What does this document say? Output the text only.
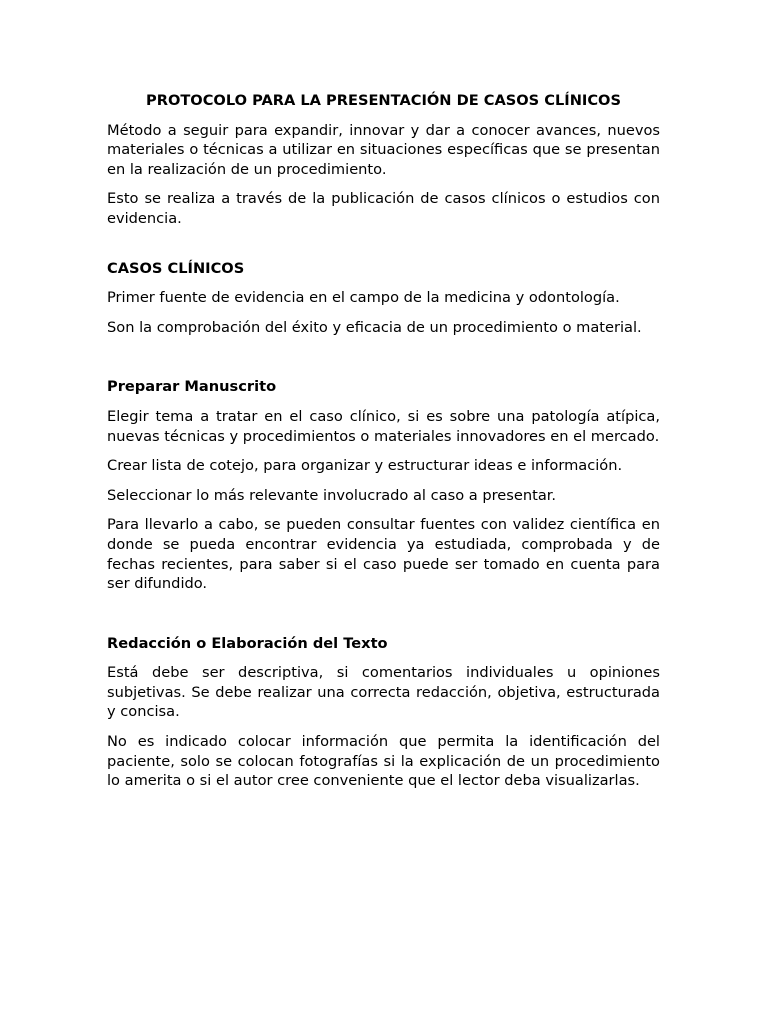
PROTOCOLO PARA LA PRESENTACIÓN DE CASOS CLÍNICOS

Método a seguir para expandir, innovar y dar a conocer avances, nuevos materiales o técnicas a utilizar en situaciones específicas que se presentan en la realización de un procedimiento.

Esto se realiza a través de la publicación de casos clínicos o estudios con evidencia.

CASOS CLÍNICOS

Primer fuente de evidencia en el campo de la medicina y odontología.

Son la comprobación del éxito y eficacia de un procedimiento o material.

Preparar Manuscrito

Elegir tema a tratar en el caso clínico, si es sobre una patología atípica, nuevas técnicas y procedimientos o materiales innovadores en el mercado.

Crear lista de cotejo, para organizar y estructurar ideas e información.

Seleccionar lo más relevante involucrado al caso a presentar.

Para llevarlo a cabo, se pueden consultar fuentes con validez científica en donde se pueda encontrar evidencia ya estudiada, comprobada y de fechas recientes, para saber si el caso puede ser tomado en cuenta para ser difundido.

Redacción o Elaboración del Texto

Está debe ser descriptiva, si comentarios individuales u opiniones subjetivas. Se debe realizar una correcta redacción, objetiva, estructurada y concisa.

No es indicado colocar información que permita la identificación del paciente, solo se colocan fotografías si la explicación de un procedimiento lo amerita o si el autor cree conveniente que el lector deba visualizarlas.
